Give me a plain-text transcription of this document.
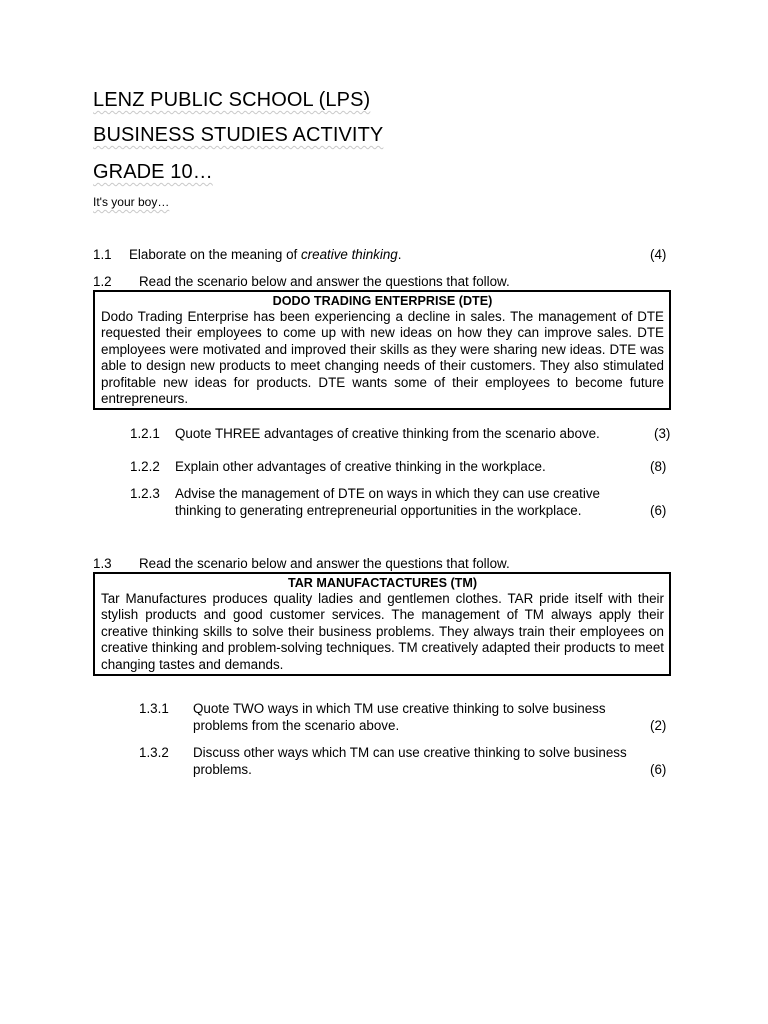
LENZ PUBLIC SCHOOL (LPS)
BUSINESS STUDIES ACTIVITY
GRADE 10…
It's your boy…
1.1 Elaborate on the meaning of creative thinking.	(4)
1.2 Read the scenario below and answer the questions that follow.
DODO TRADING ENTERPRISE (DTE)
Dodo Trading Enterprise has been experiencing a decline in sales. The management of DTE requested their employees to come up with new ideas on how they can improve sales. DTE employees were motivated and improved their skills as they were sharing new ideas. DTE was able to design new products to meet changing needs of their customers. They also stimulated profitable new ideas for products. DTE wants some of their employees to become future entrepreneurs.
1.2.1 Quote THREE advantages of creative thinking from the scenario above.	(3)
1.2.2 Explain other advantages of creative thinking in the workplace.	(8)
1.2.3 Advise the management of DTE on ways in which they can use creative
thinking to generating entrepreneurial opportunities in the workplace.	(6)
1.3 Read the scenario below and answer the questions that follow.
TAR MANUFACTACTURES (TM)
Tar Manufactures produces quality ladies and gentlemen clothes. TAR pride itself with their stylish products and good customer services. The management of TM always apply their creative thinking skills to solve their business problems. They always train their employees on creative thinking and problem-solving techniques. TM creatively adapted their products to meet changing tastes and demands.
1.3.1 Quote TWO ways in which TM use creative thinking to solve business
problems from the scenario above.	(2)
1.3.2 Discuss other ways which TM can use creative thinking to solve business
problems.	(6)
